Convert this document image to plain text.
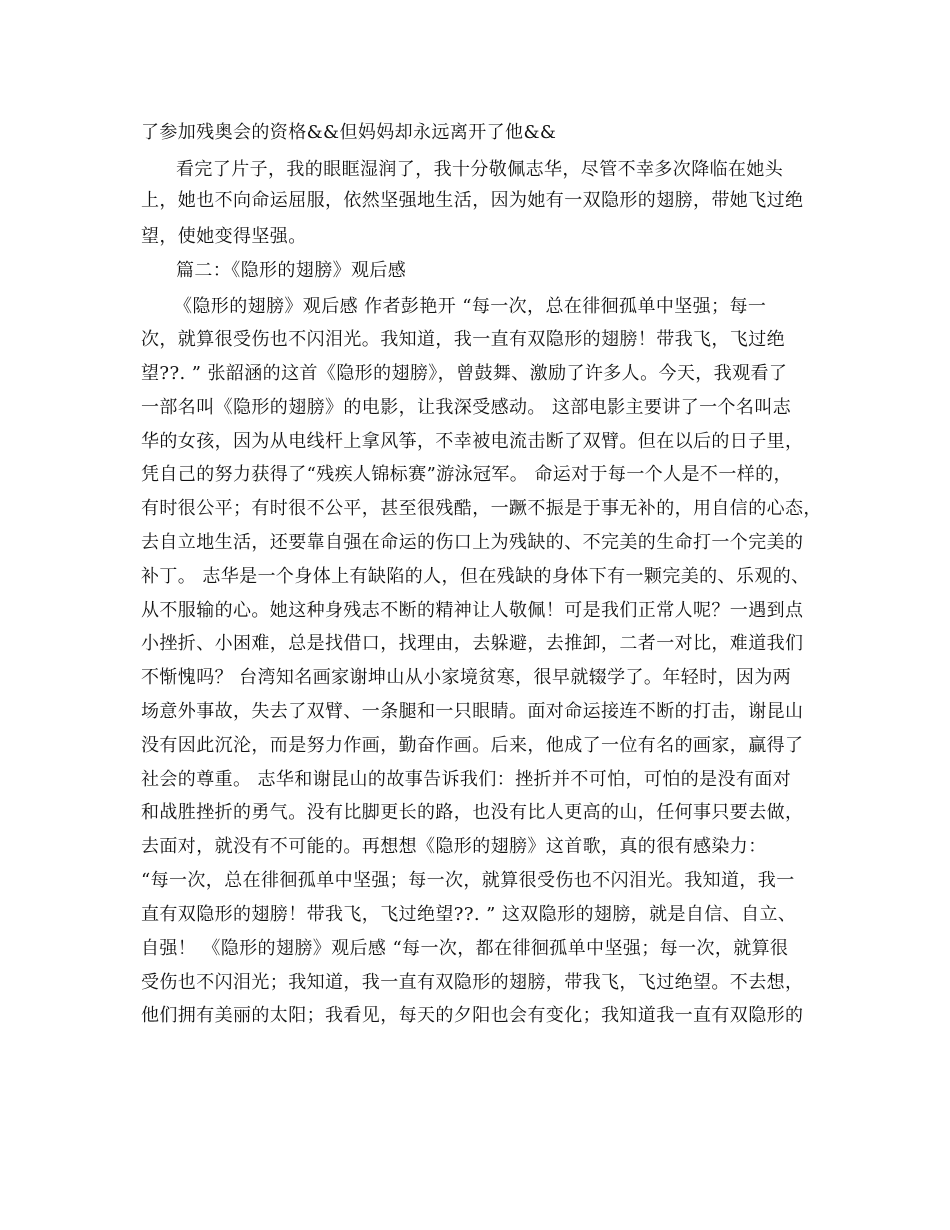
了参加残奥会的资格&&但妈妈却永远离开了他&&
看完了片子，我的眼眶湿润了，我十分敬佩志华，尽管不幸多次降临在她头
上，她也不向命运屈服，依然坚强地生活，因为她有一双隐形的翅膀，带她飞过绝
望，使她变得坚强。
篇二：《隐形的翅膀》观后感
《隐形的翅膀》观后感 作者彭艳开 “每一次，总在徘徊孤单中坚强；每一
次，就算很受伤也不闪泪光。我知道，我一直有双隐形的翅膀！带我飞，飞过绝
望??. ” 张韶涵的这首《隐形的翅膀》，曾鼓舞、激励了许多人。今天，我观看了
一部名叫《隐形的翅膀》的电影，让我深受感动。 这部电影主要讲了一个名叫志
华的女孩，因为从电线杆上拿风筝，不幸被电流击断了双臂。但在以后的日子里，
凭自己的努力获得了“残疾人锦标赛”游泳冠军。 命运对于每一个人是不一样的，
有时很公平；有时很不公平，甚至很残酷，一蹶不振是于事无补的，用自信的心态，
去自立地生活，还要靠自强在命运的伤口上为残缺的、不完美的生命打一个完美的
补丁。 志华是一个身体上有缺陷的人，但在残缺的身体下有一颗完美的、乐观的、
从不服输的心。她这种身残志不断的精神让人敬佩！可是我们正常人呢？一遇到点
小挫折、小困难，总是找借口，找理由，去躲避，去推卸，二者一对比，难道我们
不惭愧吗？ 台湾知名画家谢坤山从小家境贫寒，很早就辍学了。年轻时，因为两
场意外事故，失去了双臂、一条腿和一只眼睛。面对命运接连不断的打击，谢昆山
没有因此沉沦，而是努力作画，勤奋作画。后来，他成了一位有名的画家，赢得了
社会的尊重。 志华和谢昆山的故事告诉我们：挫折并不可怕，可怕的是没有面对
和战胜挫折的勇气。没有比脚更长的路，也没有比人更高的山，任何事只要去做，
去面对，就没有不可能的。再想想《隐形的翅膀》这首歌，真的很有感染力：
“每一次，总在徘徊孤单中坚强；每一次，就算很受伤也不闪泪光。我知道，我一
直有双隐形的翅膀！带我飞，飞过绝望??. ” 这双隐形的翅膀，就是自信、自立、
自强！ 《隐形的翅膀》观后感 “每一次，都在徘徊孤单中坚强；每一次，就算很
受伤也不闪泪光；我知道，我一直有双隐形的翅膀，带我飞，飞过绝望。不去想，
他们拥有美丽的太阳；我看见，每天的夕阳也会有变化；我知道我一直有双隐形的
